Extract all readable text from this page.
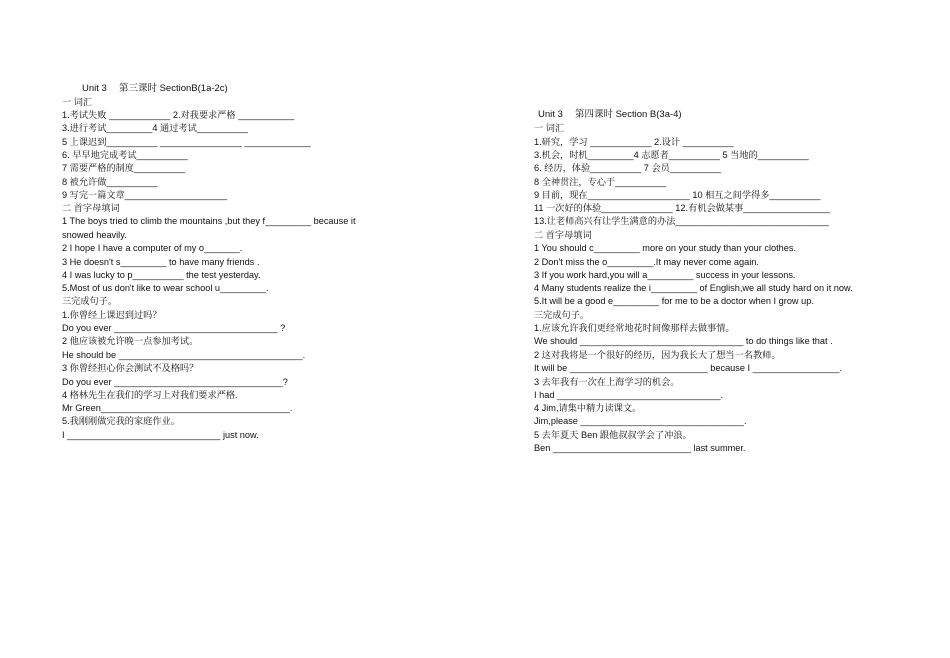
Unit 3　 第三课时 SectionB(1a-2c)
一 词汇
1.考试失败 ____________ 2.对我要求严格 ___________
3.进行考试_________4 通过考试__________
5 上课迟到__________ ________________ _____________
6. 早早地完成考试__________
7 需要严格的制度__________
8 被允许做__________
9 写完一篇文章____________________
二 首字母填词
1 The boys tried to climb the mountains ,but they f_________ because it
snowed heavily.
2 I hope I have a computer of my o_______.
3 He doesn't s_________ to have many friends .
4 I was lucky to p__________ the test yesterday.
5.Most of us don't like to wear school u_________.
三完成句子。
1.你曾经上课迟到过吗？
Do you ever ________________________________ ?
2 他应该被允许晚一点参加考试。
He should be ____________________________________.
3 你曾经担心你会测试不及格吗？
Do you ever _________________________________?
4 格林先生在我们的学习上对我们要求严格.
Mr Green_____________________________________.
5.我刚刚做完我的家庭作业。
I ______________________________ just now.
Unit 3　 第四课时 Section B(3a-4)
一 词汇
1.研究，学习 ____________ 2.设计 __________
3.机会，时机_________4 志愿者__________ 5 当地的__________
6. 经历，体验__________ 7 会员__________
8 全神贯注，专心于__________
9 目前，现在____________________ 10 相互之间学得多__________
11 一次好的体验______________ 12.有机会做某事_________________
13.让老师高兴有让学生满意的办法______________________________
二 首字母填词
1 You should c_________ more on your study than your clothes.
2 Don't miss the o_________.It may never come again.
3 If you work hard,you will a_________ success in your lessons.
4 Many students realize the i_________ of English,we all study hard on it now.
5.It will be a good e_________ for me to be a doctor when I grow up.
三完成句子。
1.应该允许我们更经常地花时间像那样去做事情。
We should ________________________________ to do things like that .
2 这对我将是一个很好的经历，因为我长大了想当一名教师。
It will be ___________________________ because I _________________.
3 去年我有一次在上海学习的机会。
I had ________________________________.
4 Jim,请集中精力读课文。
Jim,please ________________________________.
5 去年夏天 Ben 跟他叔叔学会了冲浪。
Ben ___________________________ last summer.
